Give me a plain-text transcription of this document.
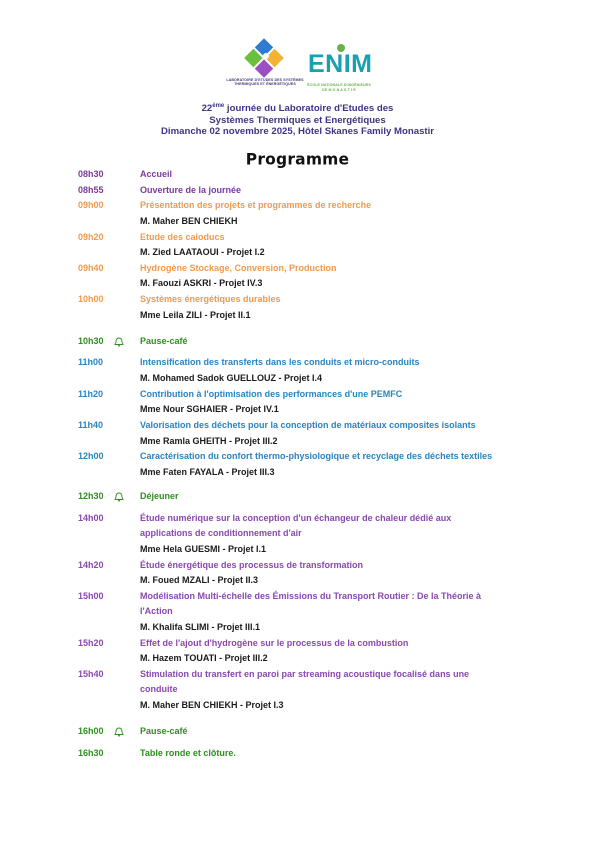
LABORATOIRE D'ETUDES DES SYSTÈMES THERMIQUES ET ÉNERGÉTIQUES
ENIM
ÉCOLE NATIONALE D'INGÉNIEURS DE M O N A S T I R
22ème journée du Laboratoire d'Etudes des
Systèmes Thermiques et Energétiques
Dimanche 02 novembre 2025, Hôtel Skanes Family Monastir
Programme
08h30	Accueil
08h55	Ouverture de la journée
09h00	Présentation des projets et programmes de recherche
M. Maher BEN CHIEKH
09h20	Etude des caloducs
M. Zied LAATAOUI - Projet I.2
09h40	Hydrogène Stockage, Conversion, Production
M. Faouzi ASKRI - Projet IV.3
10h00	Systèmes énergétiques durables
Mme Leila ZILI - Projet II.1
10h30	Pause-café
11h00	Intensification des transferts dans les conduits et micro-conduits
M. Mohamed Sadok GUELLOUZ - Projet I.4
11h20	Contribution à l'optimisation des performances d'une PEMFC
Mme Nour SGHAIER - Projet IV.1
11h40	Valorisation des déchets pour la conception de matériaux composites isolants
Mme Ramla GHEITH - Projet III.2
12h00	Caractérisation du confort thermo-physiologique et recyclage des déchets textiles
Mme Faten FAYALA - Projet III.3
12h30	Déjeuner
14h00	Étude numérique sur la conception d'un échangeur de chaleur dédié aux
applications de conditionnement d'air
Mme Hela GUESMI - Projet I.1
14h20	Étude énergétique des processus de transformation
M. Foued MZALI - Projet II.3
15h00	Modélisation Multi-échelle des Émissions du Transport Routier : De la Théorie à
l'Action
M. Khalifa SLIMI - Projet III.1
15h20	Effet de l'ajout d'hydrogène sur le processus de la combustion
M. Hazem TOUATI - Projet III.2
15h40	Stimulation du transfert en paroi par streaming acoustique focalisé dans une
conduite
M. Maher BEN CHIEKH - Projet I.3
16h00	Pause-café
16h30	Table ronde et clôture.
